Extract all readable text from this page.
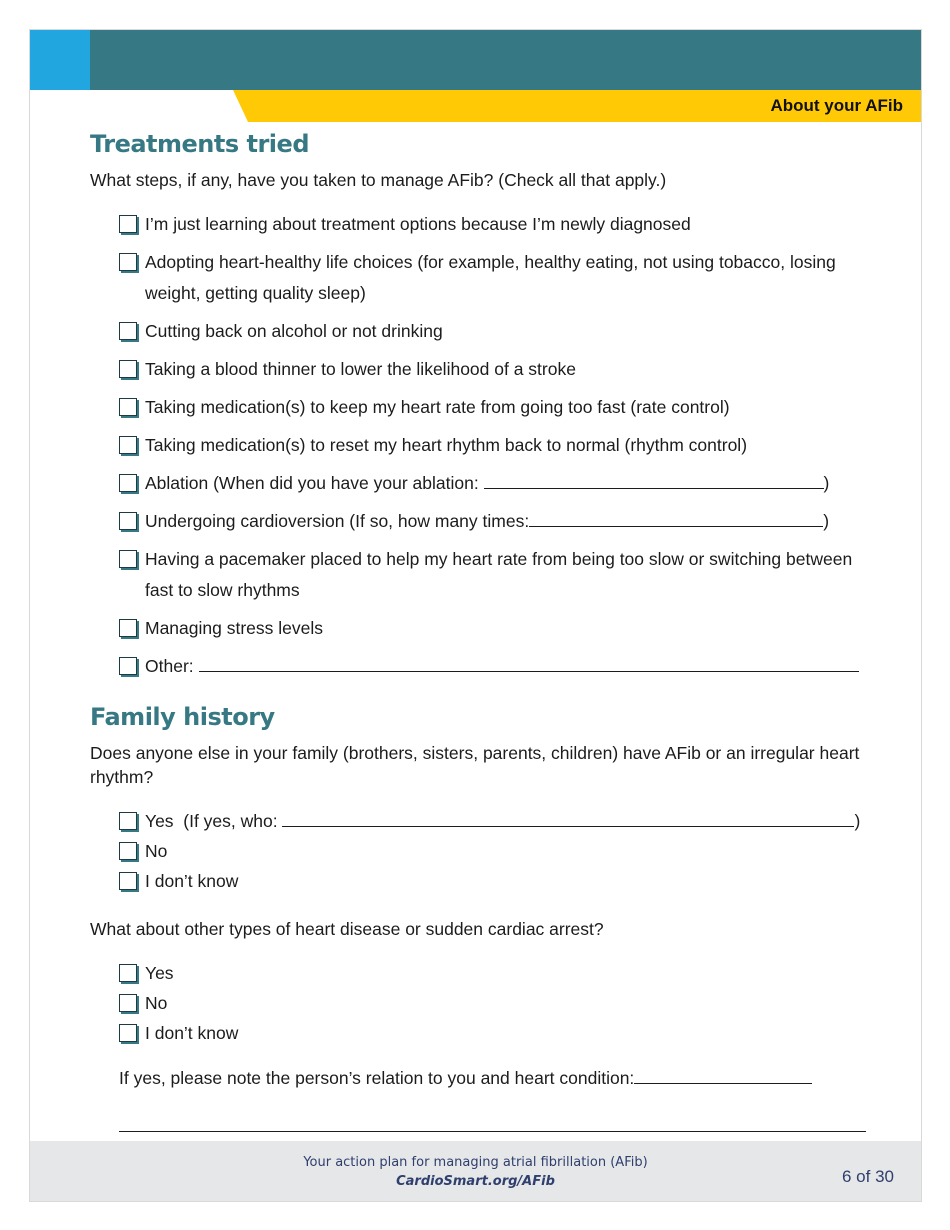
About your AFib
Treatments tried
What steps, if any, have you taken to manage AFib? (Check all that apply.)
I’m just learning about treatment options because I’m newly diagnosed
Adopting heart-healthy life choices (for example, healthy eating, not using tobacco, losing weight, getting quality sleep)
Cutting back on alcohol or not drinking
Taking a blood thinner to lower the likelihood of a stroke
Taking medication(s) to keep my heart rate from going too fast (rate control)
Taking medication(s) to reset my heart rhythm back to normal (rhythm control)
Ablation (When did you have your ablation:	)
Undergoing cardioversion (If so, how many times:	)
Having a pacemaker placed to help my heart rate from being too slow or switching between fast to slow rhythms
Managing stress levels
Other:
Family history
Does anyone else in your family (brothers, sisters, parents, children) have AFib or an irregular heart rhythm?
Yes  (If yes, who:	)
No
I don’t know
What about other types of heart disease or sudden cardiac arrest?
Yes
No
I don’t know
If yes, please note the person’s relation to you and heart condition:
Your action plan for managing atrial fibrillation (AFib)
CardioSmart.org/AFib	6 of 30
